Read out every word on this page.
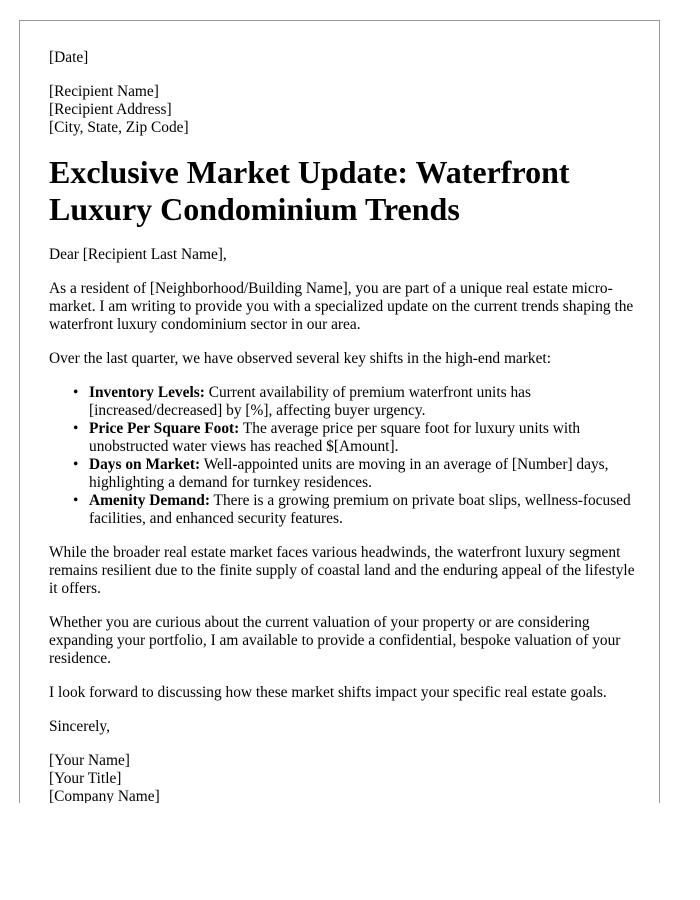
[Date]

[Recipient Name]

[Recipient Address]

[City, State, Zip Code]

Exclusive Market Update: Waterfront Luxury Condominium Trends

Dear [Recipient Last Name],

As a resident of [Neighborhood/Building Name], you are part of a unique real estate micro-market. I am writing to provide you with a specialized update on the current trends shaping the waterfront luxury condominium sector in our area.

Over the last quarter, we have observed several key shifts in the high-end market:

• Inventory Levels: Current availability of premium waterfront units has [increased/decreased] by [%], affecting buyer urgency.
• Price Per Square Foot: The average price per square foot for luxury units with unobstructed water views has reached $[Amount].
• Days on Market: Well-appointed units are moving in an average of [Number] days, highlighting a demand for turnkey residences.
• Amenity Demand: There is a growing premium on private boat slips, wellness-focused facilities, and enhanced security features.

While the broader real estate market faces various headwinds, the waterfront luxury segment remains resilient due to the finite supply of coastal land and the enduring appeal of the lifestyle it offers.

Whether you are curious about the current valuation of your property or are considering expanding your portfolio, I am available to provide a confidential, bespoke valuation of your residence.

I look forward to discussing how these market shifts impact your specific real estate goals.

Sincerely,

[Your Name]

[Your Title]

[Company Name]
